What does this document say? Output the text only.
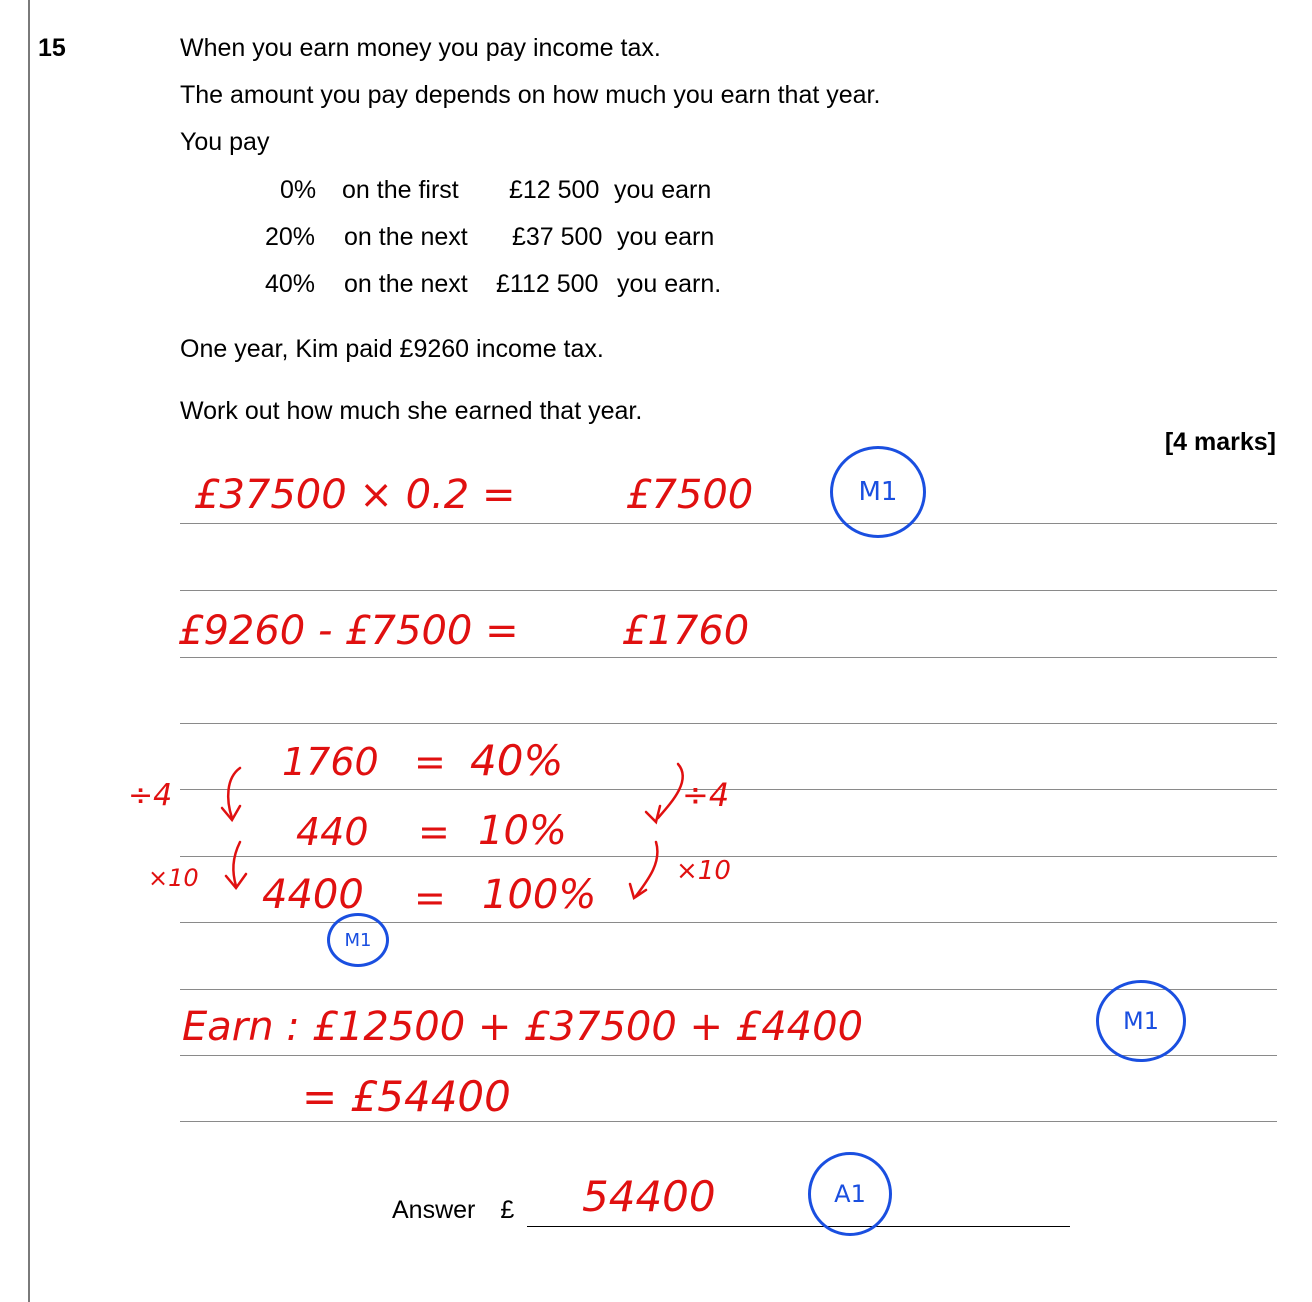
15	When you earn money you pay income tax.
The amount you pay depends on how much you earn that year.
You pay
0% on the first £12 500 you earn
20% on the next £37 500 you earn
40% on the next £112 500 you earn.
One year, Kim paid £9260 income tax.
Work out how much she earned that year.
[4 marks]
£37500 × 0.2 =	£7500	M1
£9260 - £7500 =	£1760
÷4
×10
1760 = 40%
440 = 10%
4400 = 100%
M1
÷4
×10
Earn : £12500 + £37500 + £4400	M1
= £54400
Answer £ 54400	A1
